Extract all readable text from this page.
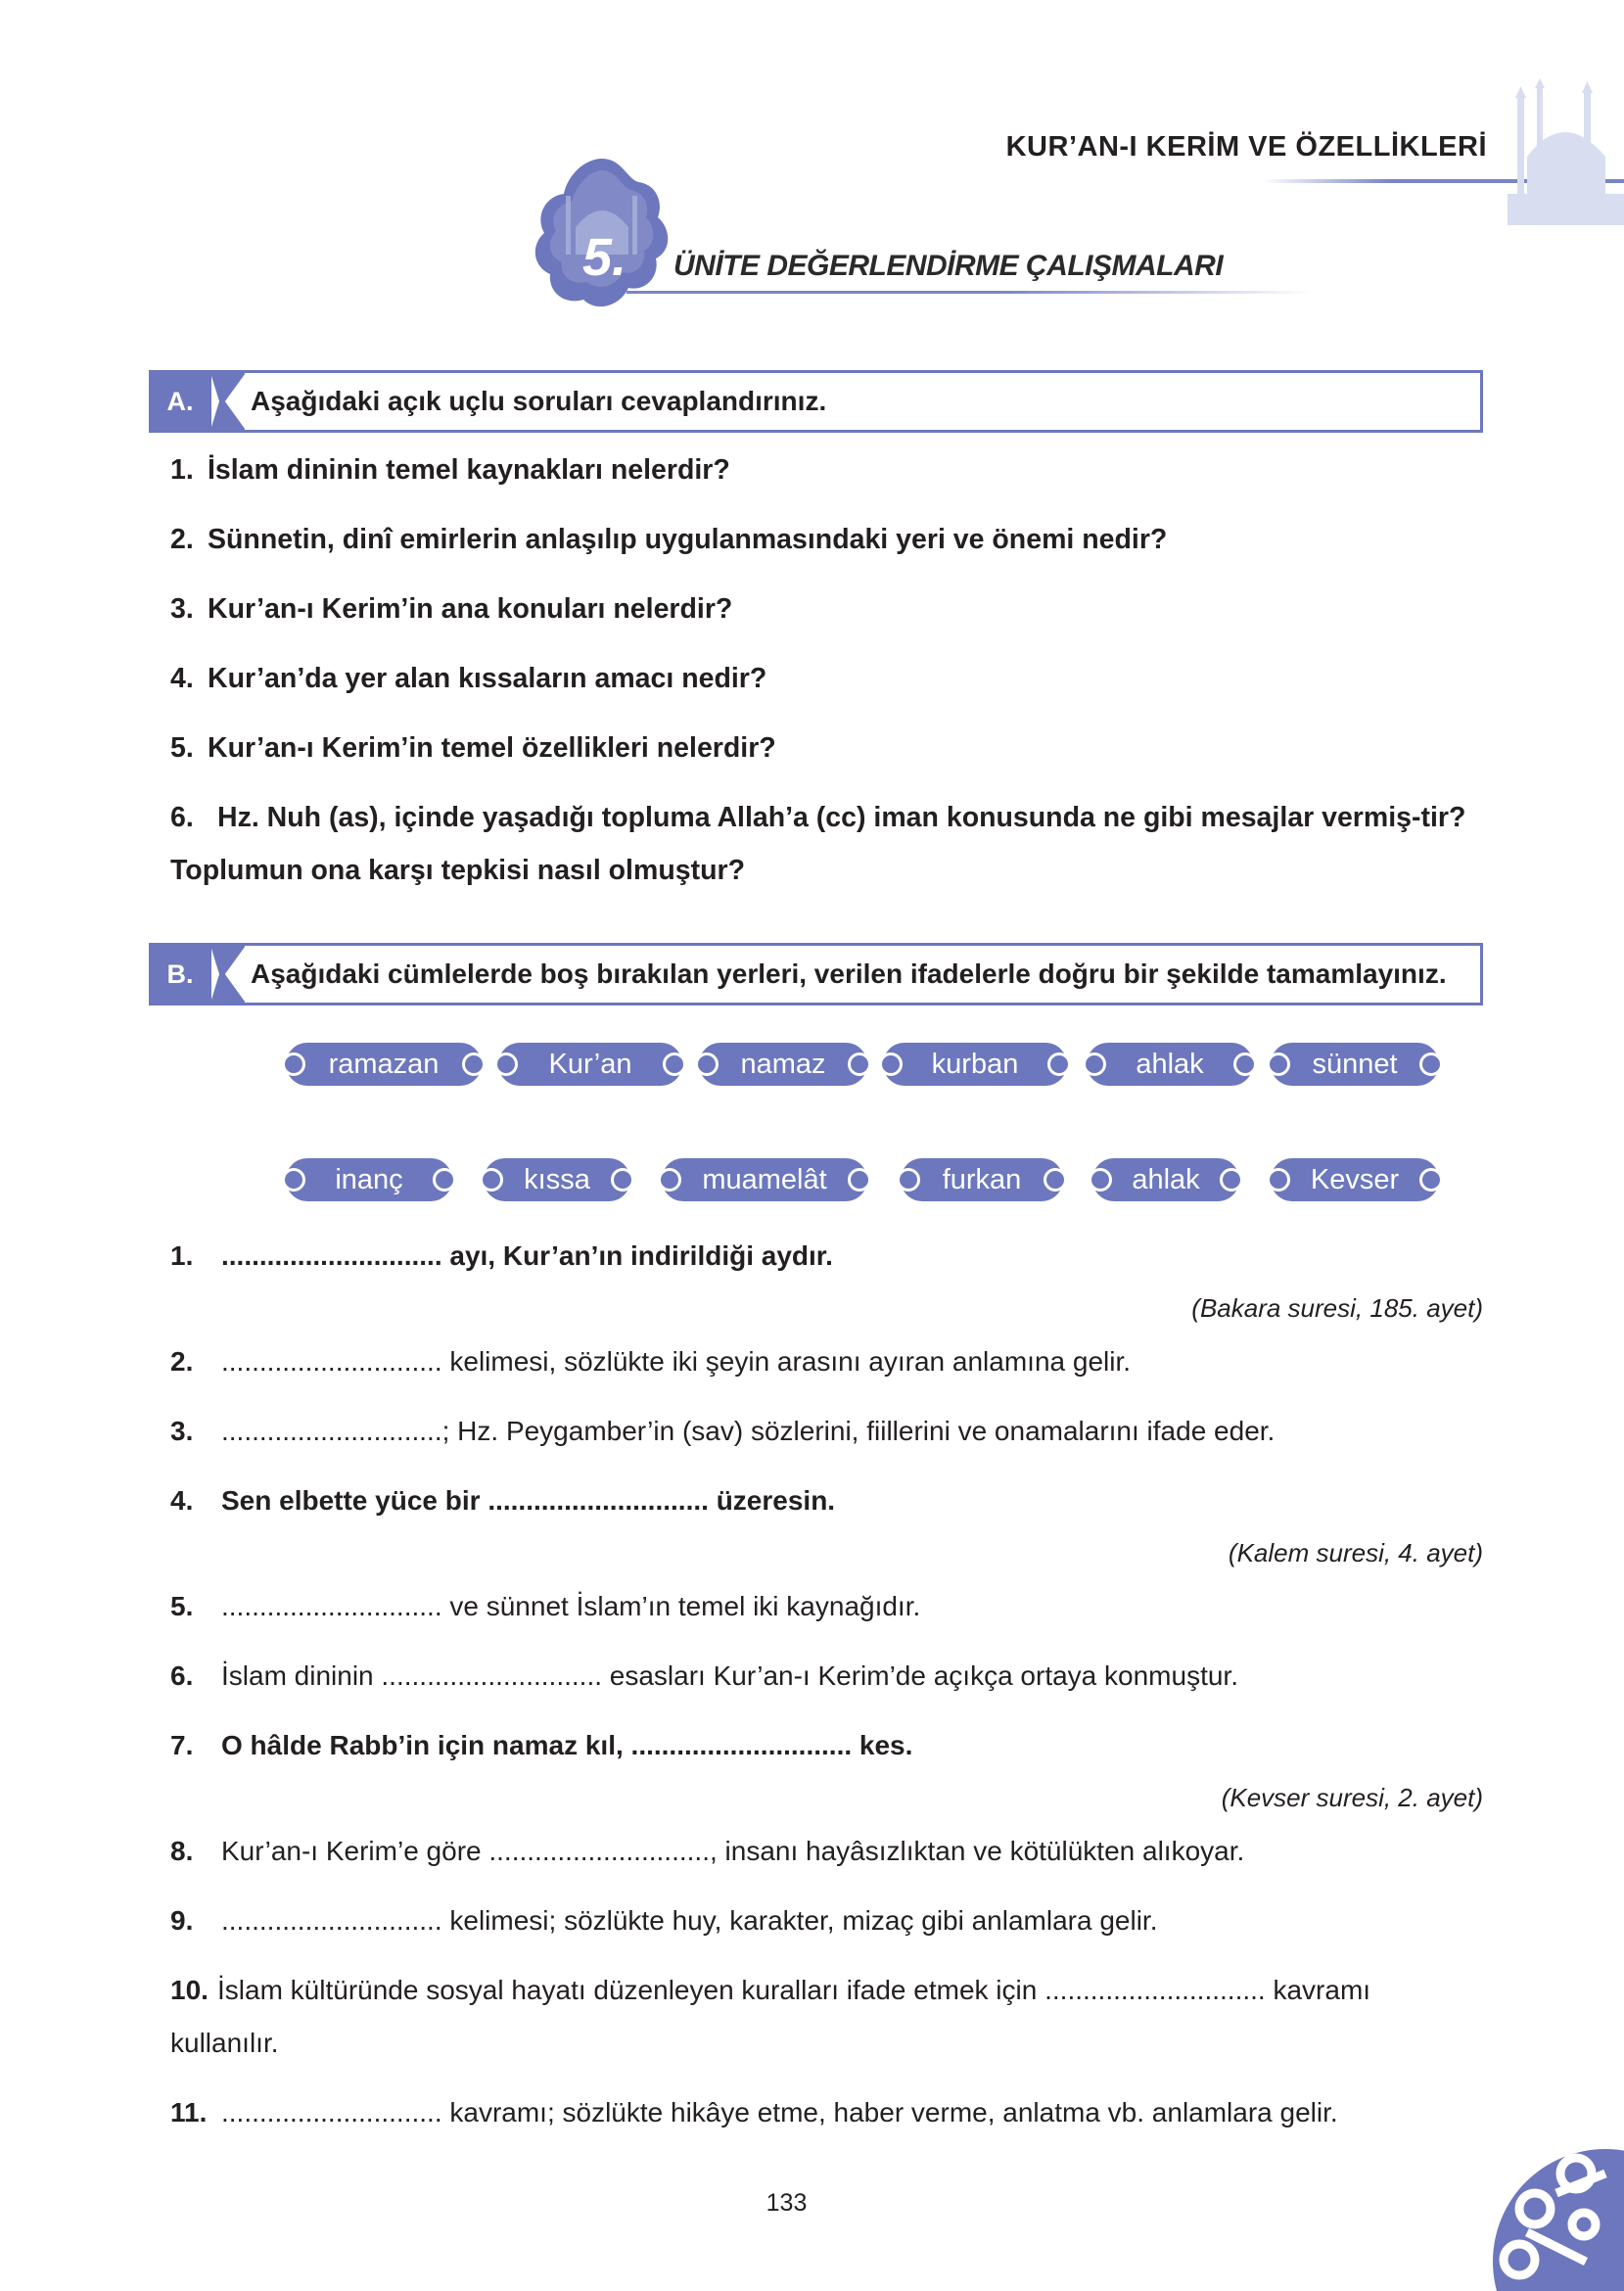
KUR’AN-I KERİM VE ÖZELLİKLERİ
5. ÜNİTE DEĞERLENDİRME ÇALIŞMALARI
A.	Aşağıdaki açık uçlu soruları cevaplandırınız.
1. İslam dininin temel kaynakları nelerdir?
2. Sünnetin, dinî emirlerin anlaşılıp uygulanmasındaki yeri ve önemi nedir?
3. Kur’an-ı Kerim’in ana konuları nelerdir?
4. Kur’an’da yer alan kıssaların amacı nedir?
5. Kur’an-ı Kerim’in temel özellikleri nelerdir?
6. Hz. Nuh (as), içinde yaşadığı topluma Allah’a (cc) iman konusunda ne gibi mesajlar vermiş-tir? Toplumun ona karşı tepkisi nasıl olmuştur?
B.	Aşağıdaki cümlelerde boş bırakılan yerleri, verilen ifadelerle doğru bir şekilde tamamlayınız.
ramazan	Kur’an	namaz	kurban	ahlak	sünnet
inanç	kıssa	muamelât	furkan	ahlak	Kevser
1. ............................. ayı, Kur’an’ın indirildiği aydır.
(Bakara suresi, 185. ayet)
2. ............................. kelimesi, sözlükte iki şeyin arasını ayıran anlamına gelir.
3. .............................; Hz. Peygamber’in (sav) sözlerini, fiillerini ve onamalarını ifade eder.
4. Sen elbette yüce bir ............................. üzeresin.
(Kalem suresi, 4. ayet)
5. ............................. ve sünnet İslam’ın temel iki kaynağıdır.
6. İslam dininin ............................. esasları Kur’an-ı Kerim’de açıkça ortaya konmuştur.
7. O hâlde Rabb’in için namaz kıl, ............................. kes.
(Kevser suresi, 2. ayet)
8. Kur’an-ı Kerim’e göre ............................., insanı hayâsızlıktan ve kötülükten alıkoyar.
9. ............................. kelimesi; sözlükte huy, karakter, mizaç gibi anlamlara gelir.
10. İslam kültüründe sosyal hayatı düzenleyen kuralları ifade etmek için ............................. kavramı kullanılır.
11. ............................. kavramı; sözlükte hikâye etme, haber verme, anlatma vb. anlamlara gelir.
133
